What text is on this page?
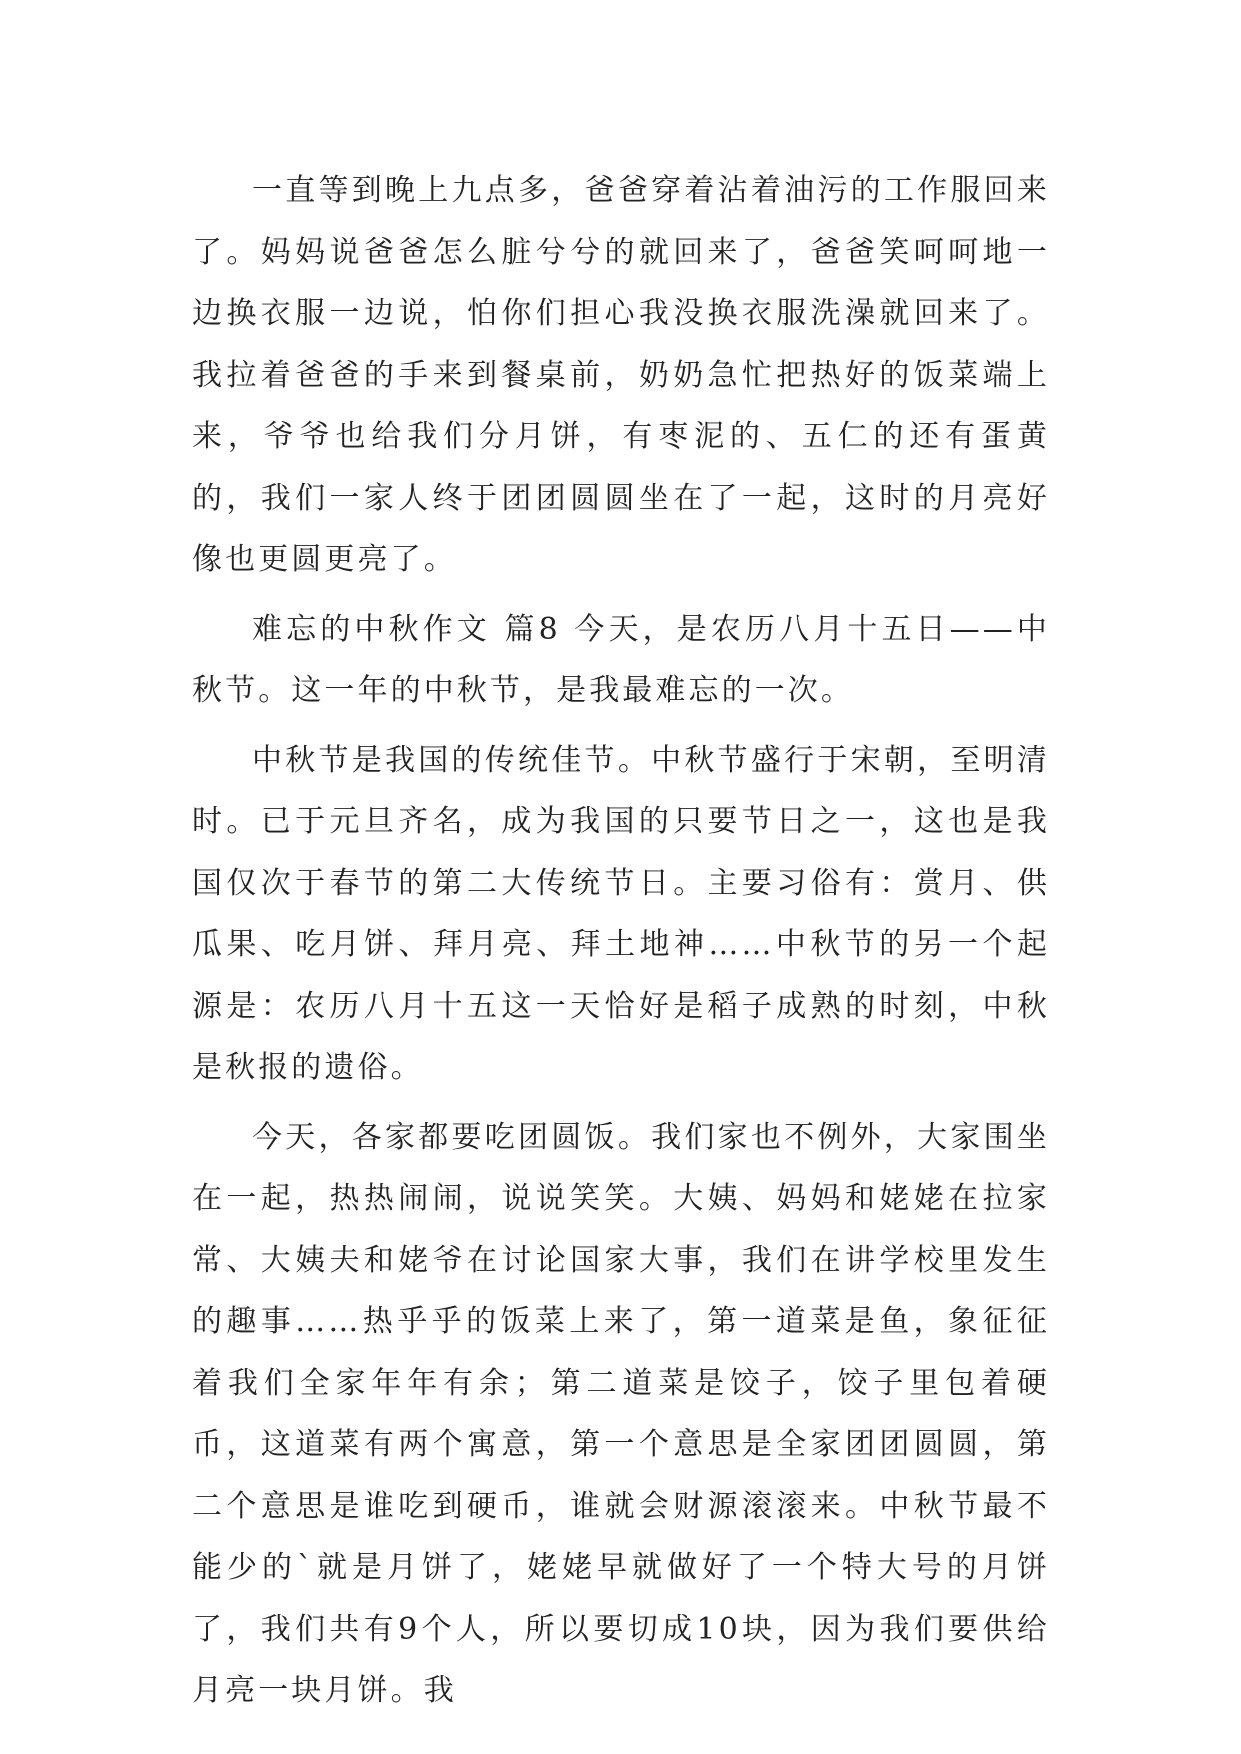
一直等到晚上九点多，爸爸穿着沾着油污的工作服回来了。妈妈说爸爸怎么脏兮兮的就回来了，爸爸笑呵呵地一边换衣服一边说，怕你们担心我没换衣服洗澡就回来了。我拉着爸爸的手来到餐桌前，奶奶急忙把热好的饭菜端上来，爷爷也给我们分月饼，有枣泥的、五仁的还有蛋黄的，我们一家人终于团团圆圆坐在了一起，这时的月亮好像也更圆更亮了。

难忘的中秋作文 篇8 今天，是农历八月十五日——中秋节。这一年的中秋节，是我最难忘的一次。

中秋节是我国的传统佳节。中秋节盛行于宋朝，至明清时。已于元旦齐名，成为我国的只要节日之一，这也是我国仅次于春节的第二大传统节日。主要习俗有：赏月、供瓜果、吃月饼、拜月亮、拜土地神……中秋节的另一个起源是：农历八月十五这一天恰好是稻子成熟的时刻，中秋是秋报的遗俗。

今天，各家都要吃团圆饭。我们家也不例外，大家围坐在一起，热热闹闹，说说笑笑。大姨、妈妈和姥姥在拉家常、大姨夫和姥爷在讨论国家大事，我们在讲学校里发生的趣事……热乎乎的饭菜上来了，第一道菜是鱼，象征征着我们全家年年有余；第二道菜是饺子，饺子里包着硬币，这道菜有两个寓意，第一个意思是全家团团圆圆，第二个意思是谁吃到硬币，谁就会财源滚滚来。中秋节最不能少的`就是月饼了，姥姥早就做好了一个特大号的月饼了，我们共有9个人，所以要切成10块，因为我们要供给月亮一块月饼。我
